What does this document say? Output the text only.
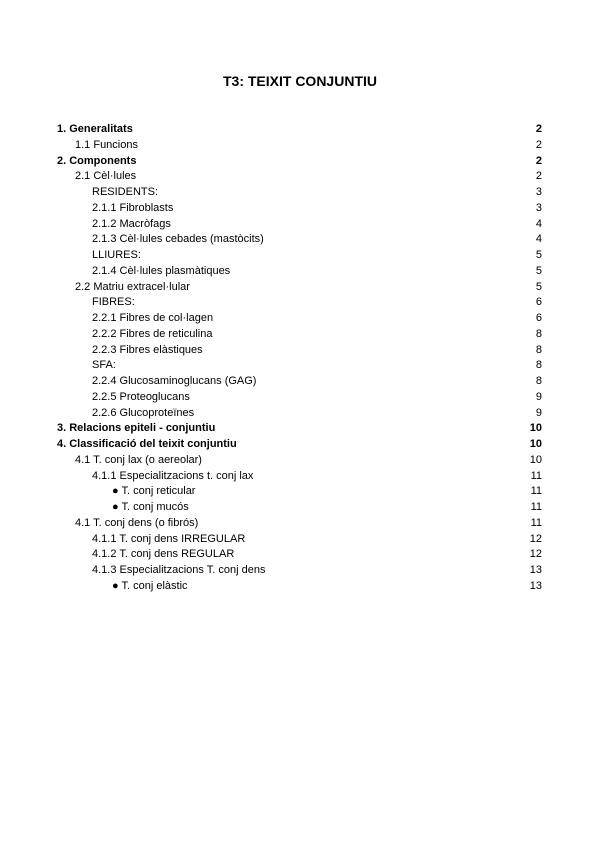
T3: TEIXIT CONJUNTIU
1. Generalitats	2
1.1 Funcions	2
2. Components	2
2.1 Cèl·lules	2
RESIDENTS:	3
2.1.1 Fibroblasts	3
2.1.2 Macròfags	4
2.1.3 Cèl·lules cebades (mastòcits)	4
LLIURES:	5
2.1.4 Cèl·lules plasmàtiques	5
2.2 Matriu extracel·lular	5
FIBRES:	6
2.2.1 Fibres de col·lagen	6
2.2.2 Fibres de reticulina	8
2.2.3 Fibres elàstiques	8
SFA:	8
2.2.4 Glucosaminoglucans (GAG)	8
2.2.5 Proteoglucans	9
2.2.6 Glucoproteïnes	9
3. Relacions epiteli - conjuntiu	10
4. Classificació del teixit conjuntiu	10
4.1 T. conj lax (o aereolar)	10
4.1.1 Especialitzacions t. conj lax	11
● T. conj reticular	11
● T. conj mucós	11
4.1 T. conj dens (o fibrós)	11
4.1.1 T. conj dens IRREGULAR	12
4.1.2 T. conj dens REGULAR	12
4.1.3 Especialitzacions T. conj dens	13
● T. conj elàstic	13
